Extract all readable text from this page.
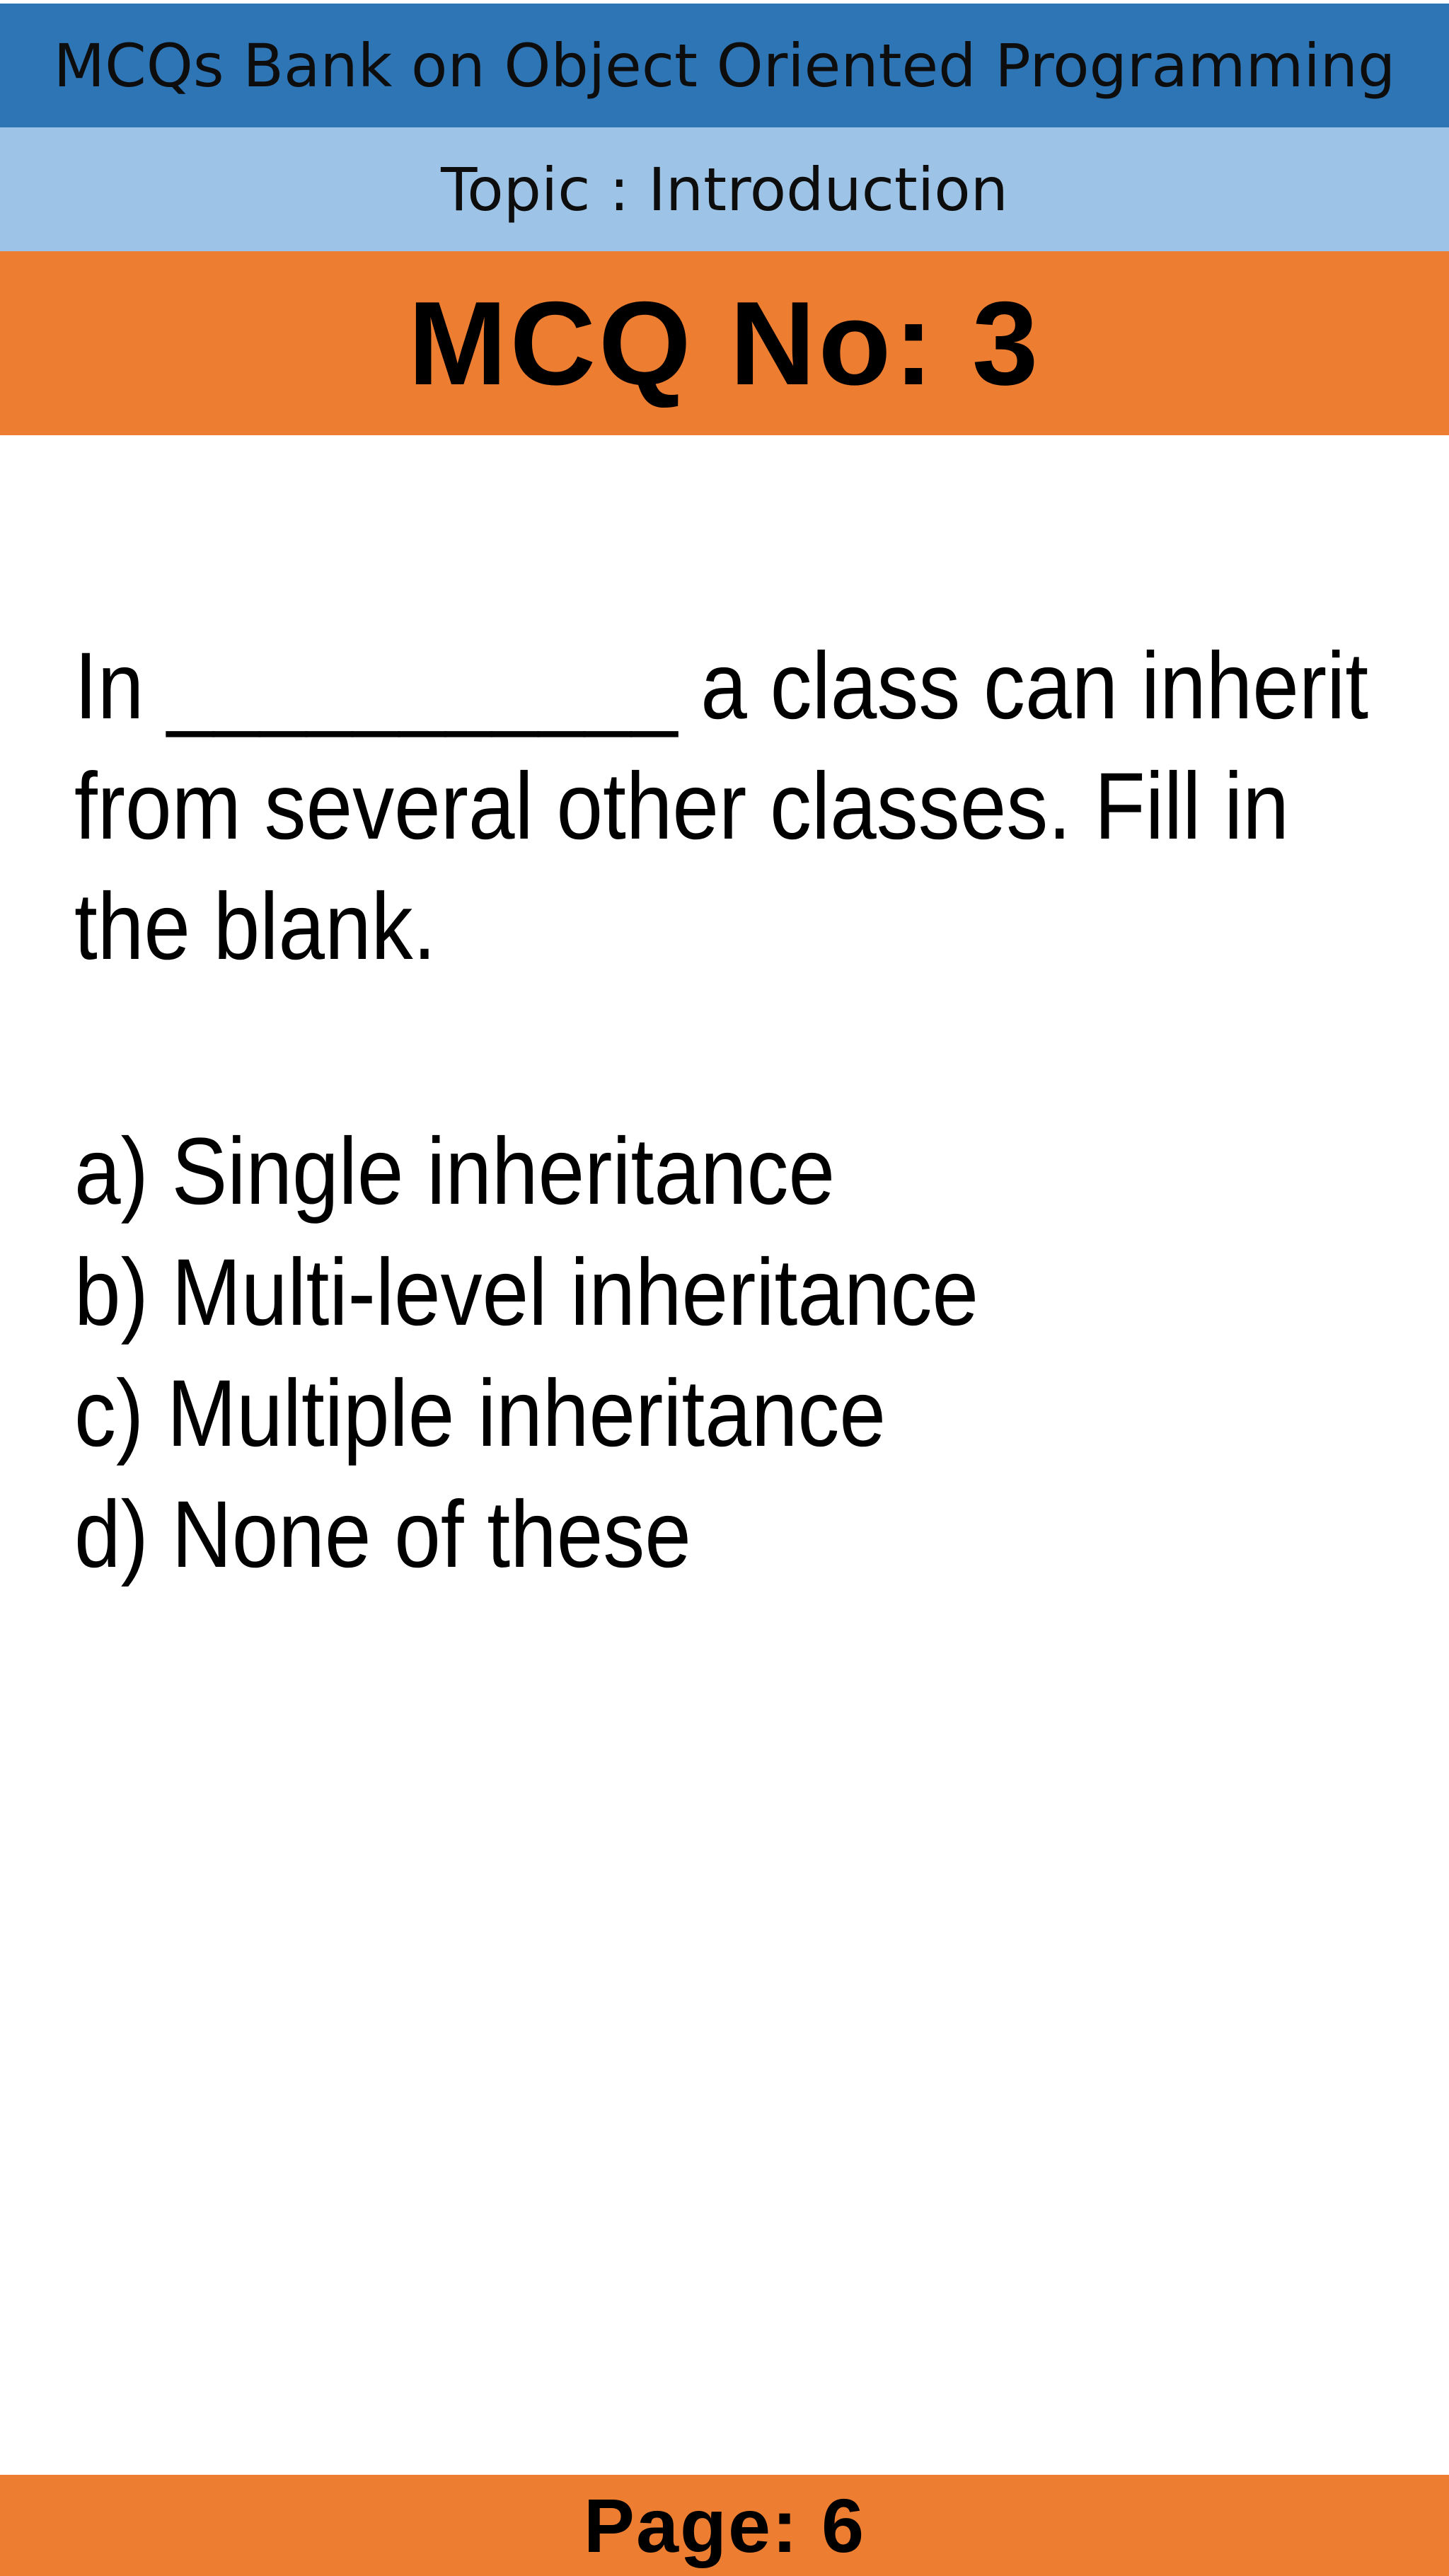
MCQs Bank on Object Oriented Programming
Topic : Introduction
MCQ No: 3

In ___________ a class can inherit from several other classes. Fill in the blank.

a) Single inheritance
b) Multi-level inheritance
c) Multiple inheritance
d) None of these
Page: 6
